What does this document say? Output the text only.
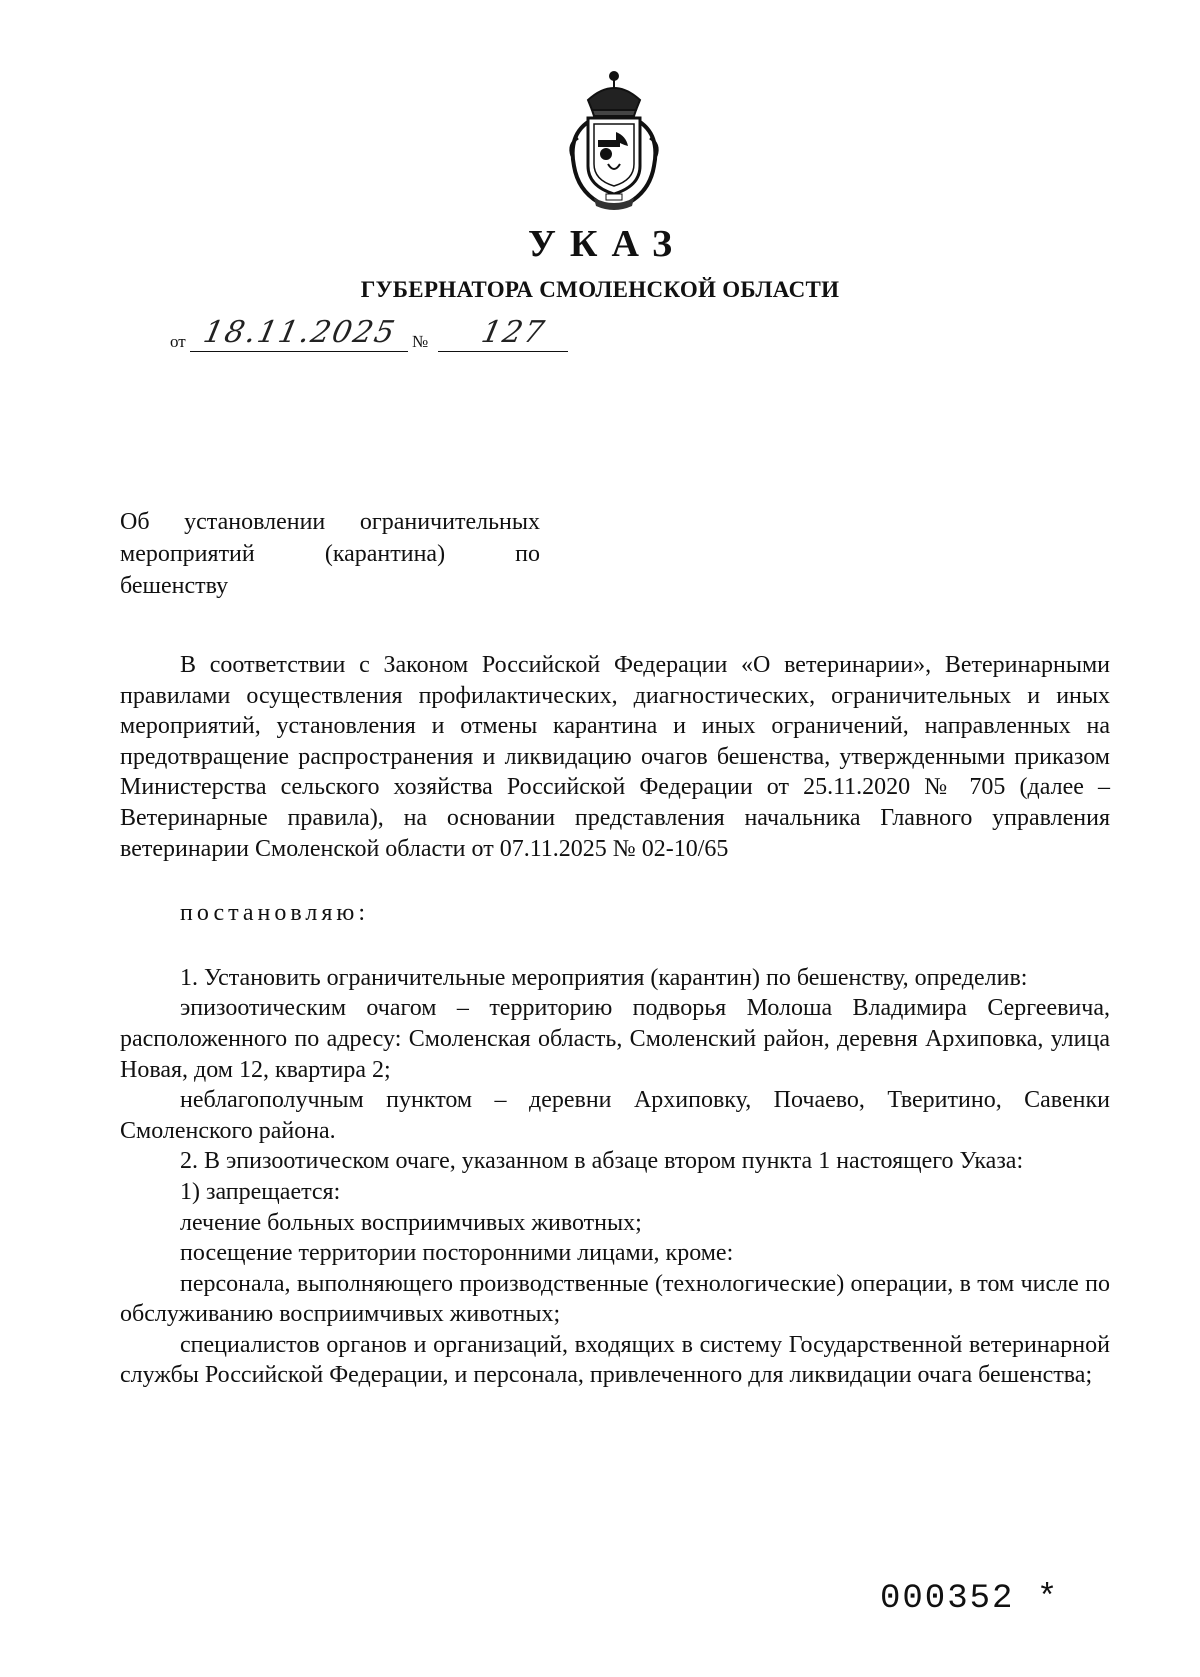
УКАЗ
ГУБЕРНАТОРА СМОЛЕНСКОЙ ОБЛАСТИ
от 18.11.2025 № 127
Об установлении ограничительных
мероприятий (карантина) по
бешенству

В соответствии с Законом Российской Федерации «О ветеринарии», Ветеринарными правилами осуществления профилактических, диагностических, ограничительных и иных мероприятий, установления и отмены карантина и иных ограничений, направленных на предотвращение распространения и ликвидацию очагов бешенства, утвержденными приказом Министерства сельского хозяйства Российской Федерации от 25.11.2020 № 705 (далее – Ветеринарные правила), на основании представления начальника Главного управления ветеринарии Смоленской области от 07.11.2025 № 02-10/65

постановляю:

1. Установить ограничительные мероприятия (карантин) по бешенству, определив:

эпизоотическим очагом – территорию подворья Молоша Владимира Сергеевича, расположенного по адресу: Смоленская область, Смоленский район, деревня Архиповка, улица Новая, дом 12, квартира 2;

неблагополучным пунктом – деревни Архиповку, Почаево, Тверитино, Савенки Смоленского района.

2. В эпизоотическом очаге, указанном в абзаце втором пункта 1 настоящего Указа:

1) запрещается:

лечение больных восприимчивых животных;

посещение территории посторонними лицами, кроме:

персонала, выполняющего производственные (технологические) операции, в том числе по обслуживанию восприимчивых животных;

специалистов органов и организаций, входящих в систему Государственной ветеринарной службы Российской Федерации, и персонала, привлеченного для ликвидации очага бешенства;

000352 *
